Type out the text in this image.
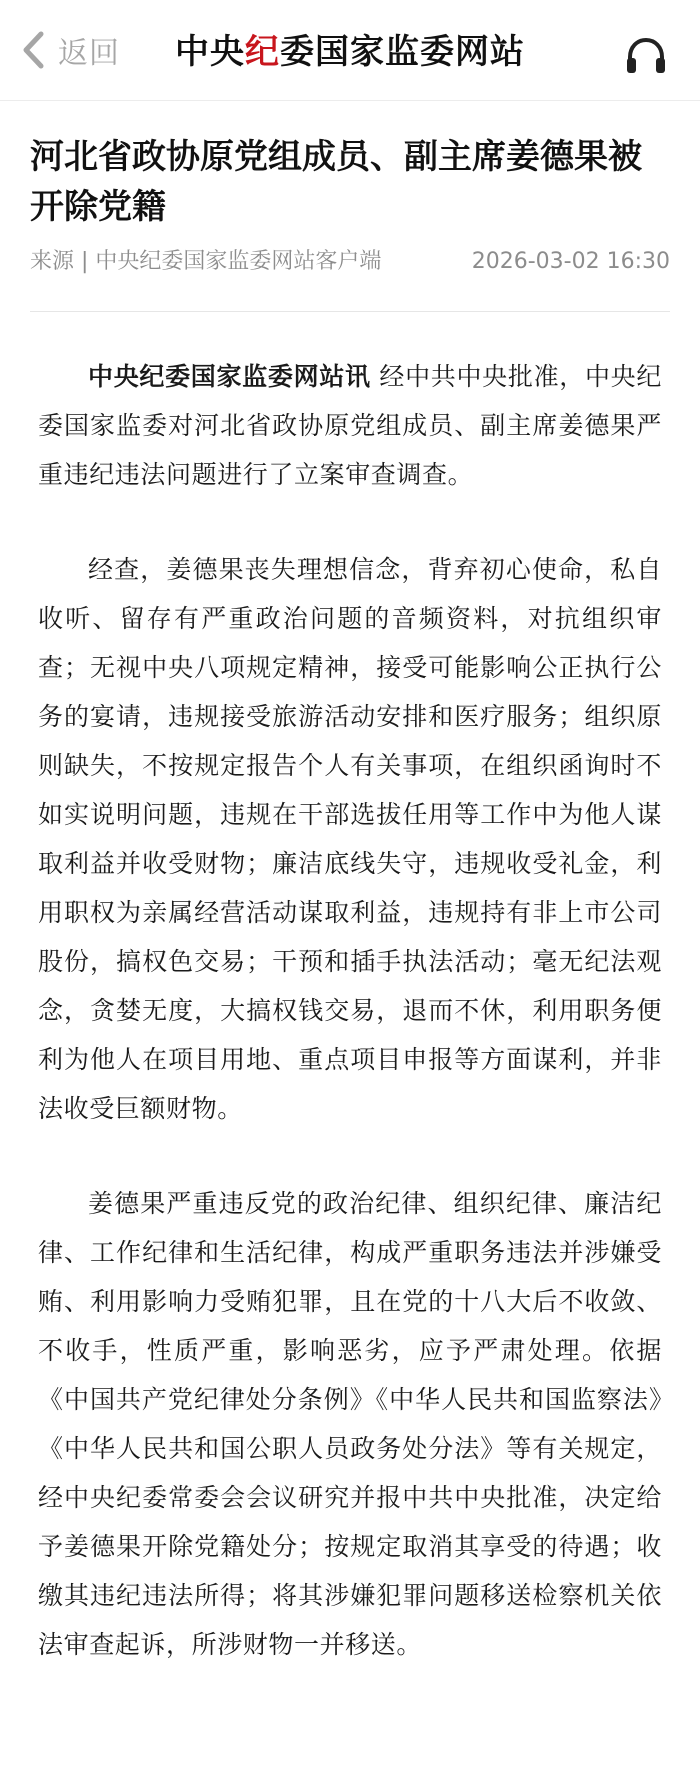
返回	中央纪委国家监委网站
河北省政协原党组成员、副主席姜德果被开除党籍
来源 | 中央纪委国家监委网站客户端	2026-03-02 16:30

中央纪委国家监委网站讯 经中共中央批准，中央纪委国家监委对河北省政协原党组成员、副主席姜德果严重违纪违法问题进行了立案审查调查。

经查，姜德果丧失理想信念，背弃初心使命，私自收听、留存有严重政治问题的音频资料，对抗组织审查；无视中央八项规定精神，接受可能影响公正执行公务的宴请，违规接受旅游活动安排和医疗服务；组织原则缺失，不按规定报告个人有关事项，在组织函询时不如实说明问题，违规在干部选拔任用等工作中为他人谋取利益并收受财物；廉洁底线失守，违规收受礼金，利用职权为亲属经营活动谋取利益，违规持有非上市公司股份，搞权色交易；干预和插手执法活动；毫无纪法观念，贪婪无度，大搞权钱交易，退而不休，利用职务便利为他人在项目用地、重点项目申报等方面谋利，并非法收受巨额财物。

姜德果严重违反党的政治纪律、组织纪律、廉洁纪律、工作纪律和生活纪律，构成严重职务违法并涉嫌受贿、利用影响力受贿犯罪，且在党的十八大后不收敛、不收手，性质严重，影响恶劣，应予严肃处理。依据《中国共产党纪律处分条例》《中华人民共和国监察法》《中华人民共和国公职人员政务处分法》等有关规定，经中央纪委常委会会议研究并报中共中央批准，决定给予姜德果开除党籍处分；按规定取消其享受的待遇；收缴其违纪违法所得；将其涉嫌犯罪问题移送检察机关依法审查起诉，所涉财物一并移送。
